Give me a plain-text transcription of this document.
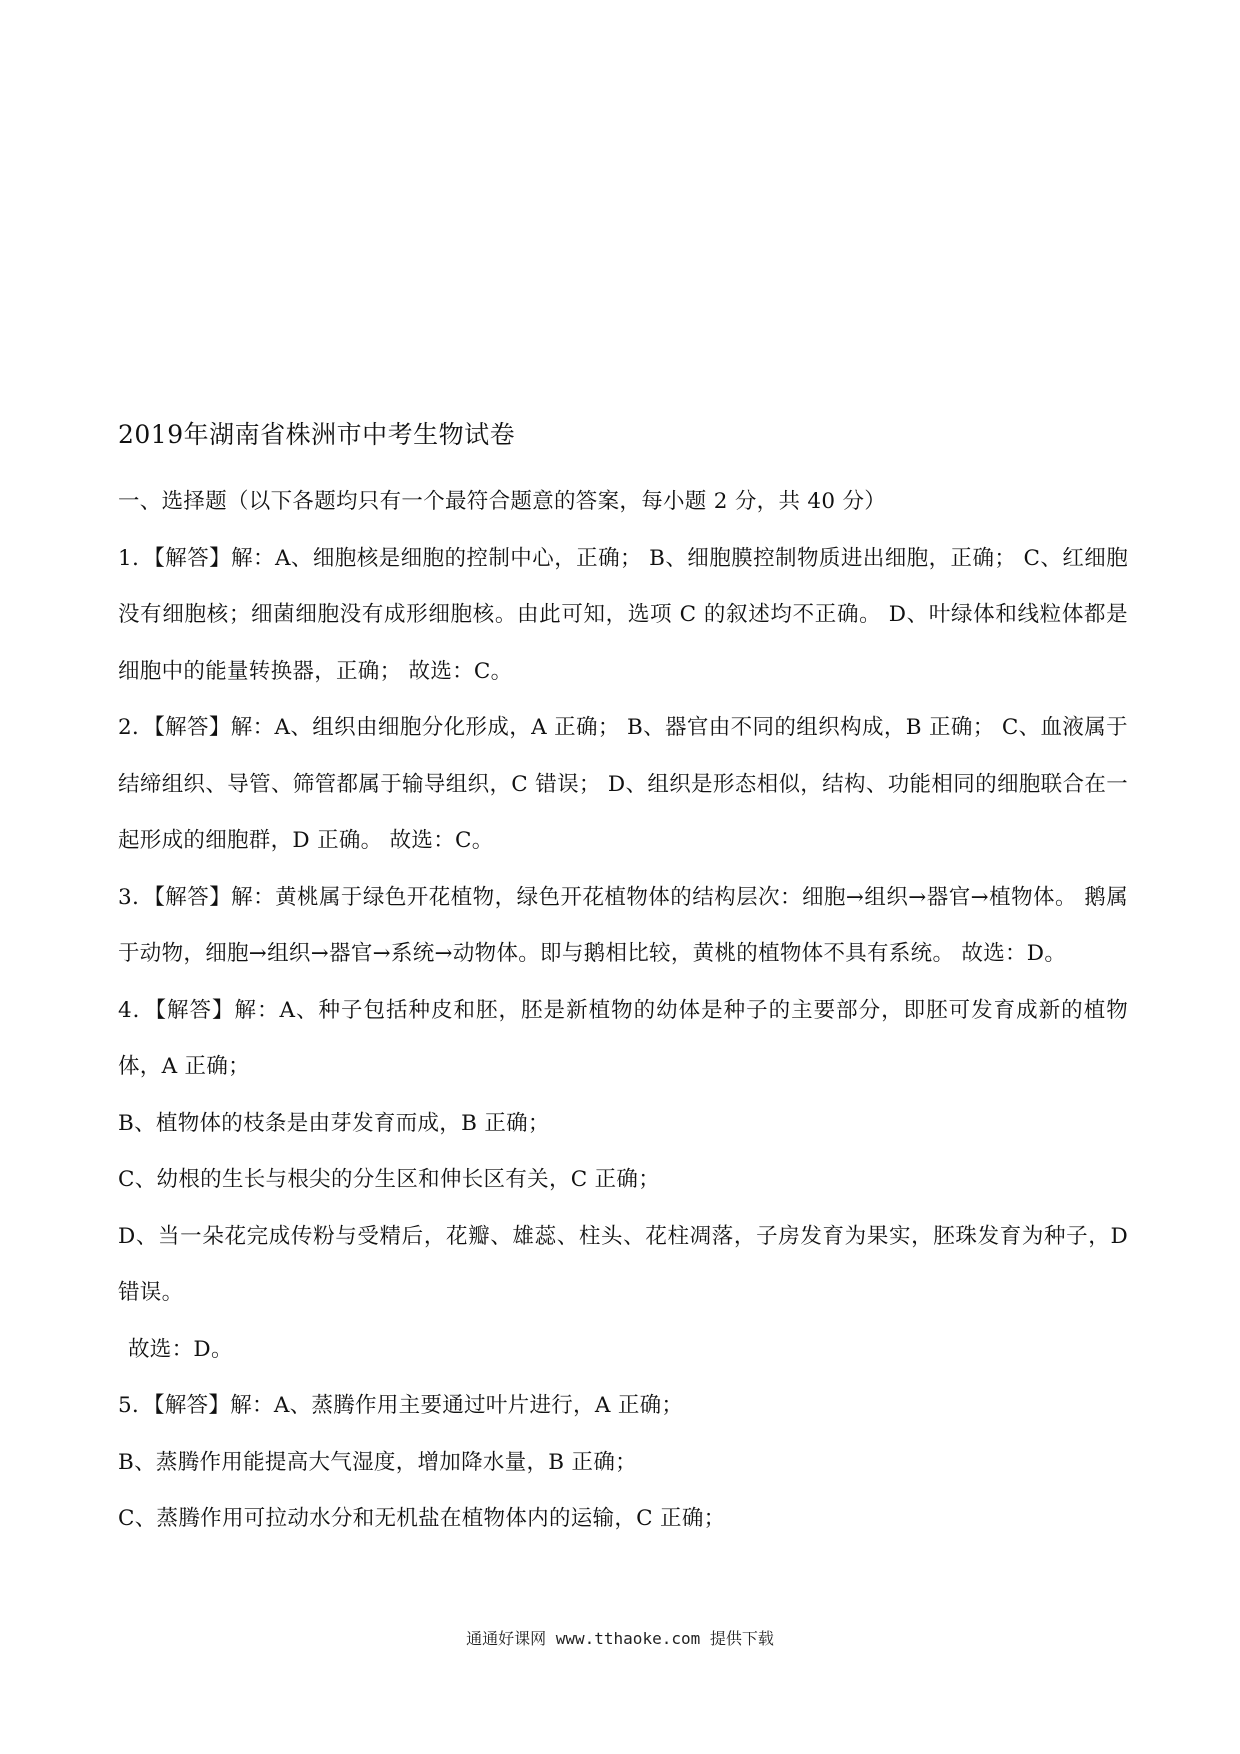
2019年湖南省株洲市中考生物试卷

一、选择题（以下各题均只有一个最符合题意的答案，每小题 2 分，共 40 分）

1．【解答】解：A、细胞核是细胞的控制中心，正确； B、细胞膜控制物质进出细胞，正确； C、红细胞没有细胞核；细菌细胞没有成形细胞核。由此可知，选项 C 的叙述均不正确。 D、叶绿体和线粒体都是细胞中的能量转换器，正确； 故选：C。

2．【解答】解：A、组织由细胞分化形成，A 正确； B、器官由不同的组织构成，B 正确； C、血液属于结缔组织、导管、筛管都属于输导组织，C 错误； D、组织是形态相似，结构、功能相同的细胞联合在一起形成的细胞群，D 正确。 故选：C。

3．【解答】解：黄桃属于绿色开花植物，绿色开花植物体的结构层次：细胞→组织→器官→植物体。 鹅属于动物，细胞→组织→器官→系统→动物体。即与鹅相比较，黄桃的植物体不具有系统。 故选：D。

4．【解答】解：A、种子包括种皮和胚，胚是新植物的幼体是种子的主要部分，即胚可发育成新的植物体，A 正确；

B、植物体的枝条是由芽发育而成，B 正确；

C、幼根的生长与根尖的分生区和伸长区有关，C 正确；

D、当一朵花完成传粉与受精后，花瓣、雄蕊、柱头、花柱凋落，子房发育为果实，胚珠发育为种子，D 错误。

故选：D。

5．【解答】解：A、蒸腾作用主要通过叶片进行，A 正确；

B、蒸腾作用能提高大气湿度，增加降水量，B 正确；

C、蒸腾作用可拉动水分和无机盐在植物体内的运输，C 正确；

通通好课网 www.tthaoke.com 提供下载
